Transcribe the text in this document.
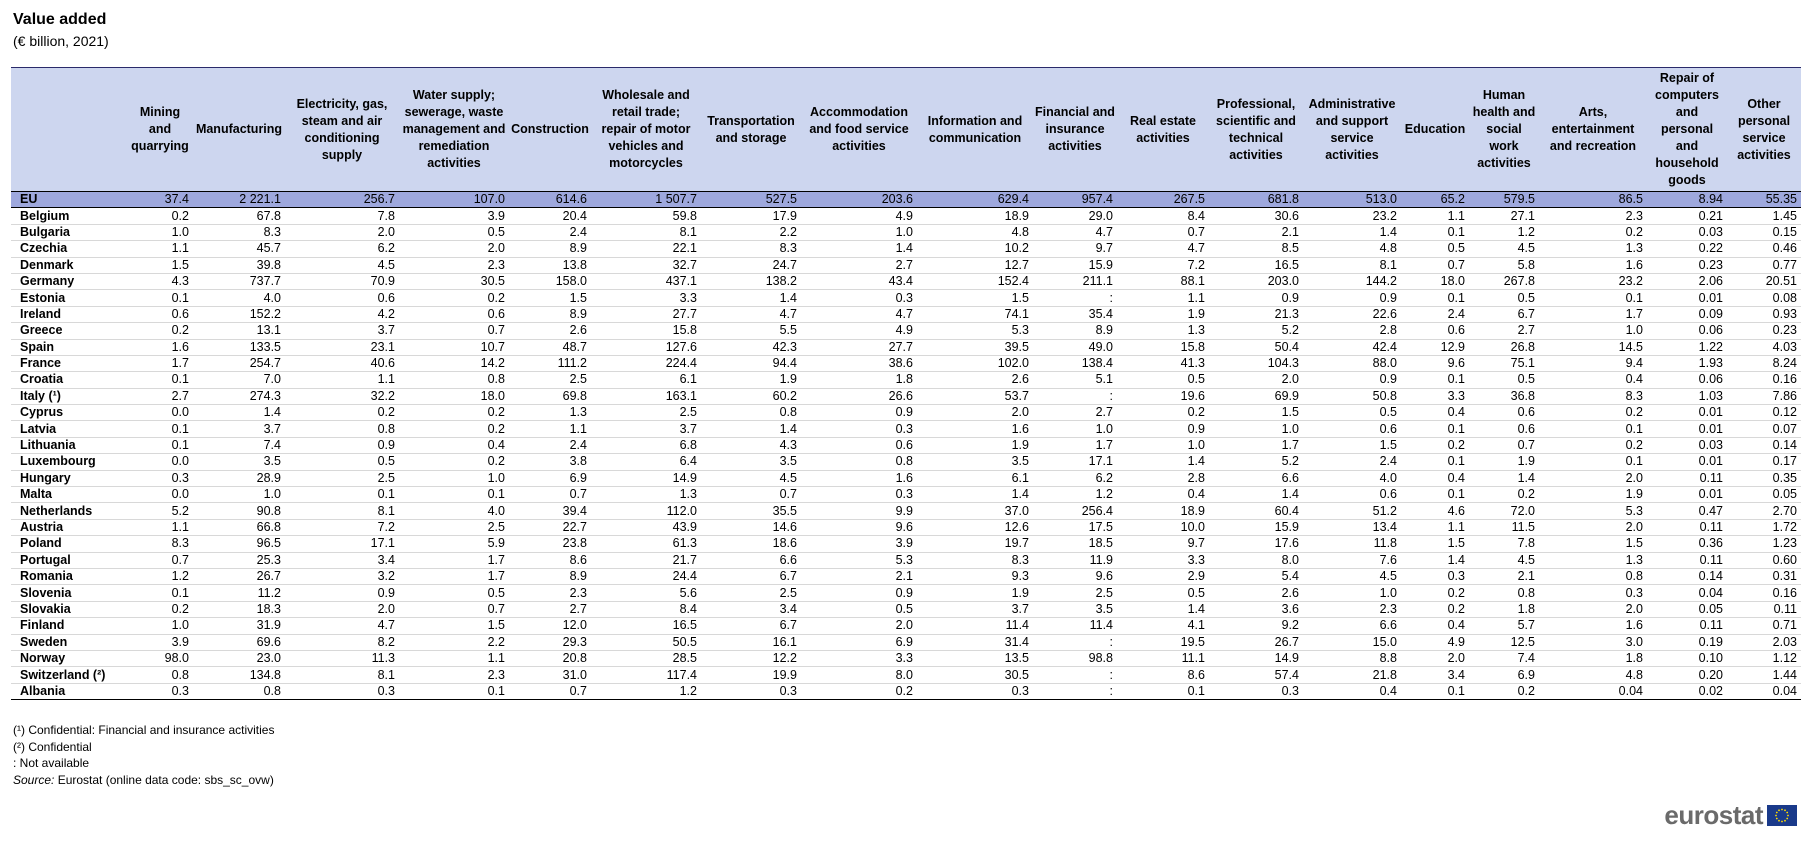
Value added
(€ billion, 2021)
	Mining and quarrying	Manufacturing	Electricity, gas, steam and air conditioning supply	Water supply; sewerage, waste management and remediation activities	Construction	Wholesale and retail trade; repair of motor vehicles and motorcycles	Transportation and storage	Accommodation and food service activities	Information and communication	Financial and insurance activities	Real estate activities	Professional, scientific and technical activities	Administrative and support service activities	Education	Human health and social work activities	Arts, entertainment and recreation	Repair of computers and personal and household goods	Other personal service activities
EU	37.4	2 221.1	256.7	107.0	614.6	1 507.7	527.5	203.6	629.4	957.4	267.5	681.8	513.0	65.2	579.5	86.5	8.94	55.35
Belgium	0.2	67.8	7.8	3.9	20.4	59.8	17.9	4.9	18.9	29.0	8.4	30.6	23.2	1.1	27.1	2.3	0.21	1.45
Bulgaria	1.0	8.3	2.0	0.5	2.4	8.1	2.2	1.0	4.8	4.7	0.7	2.1	1.4	0.1	1.2	0.2	0.03	0.15
Czechia	1.1	45.7	6.2	2.0	8.9	22.1	8.3	1.4	10.2	9.7	4.7	8.5	4.8	0.5	4.5	1.3	0.22	0.46
Denmark	1.5	39.8	4.5	2.3	13.8	32.7	24.7	2.7	12.7	15.9	7.2	16.5	8.1	0.7	5.8	1.6	0.23	0.77
Germany	4.3	737.7	70.9	30.5	158.0	437.1	138.2	43.4	152.4	211.1	88.1	203.0	144.2	18.0	267.8	23.2	2.06	20.51
Estonia	0.1	4.0	0.6	0.2	1.5	3.3	1.4	0.3	1.5	:	1.1	0.9	0.9	0.1	0.5	0.1	0.01	0.08
Ireland	0.6	152.2	4.2	0.6	8.9	27.7	4.7	4.7	74.1	35.4	1.9	21.3	22.6	2.4	6.7	1.7	0.09	0.93
Greece	0.2	13.1	3.7	0.7	2.6	15.8	5.5	4.9	5.3	8.9	1.3	5.2	2.8	0.6	2.7	1.0	0.06	0.23
Spain	1.6	133.5	23.1	10.7	48.7	127.6	42.3	27.7	39.5	49.0	15.8	50.4	42.4	12.9	26.8	14.5	1.22	4.03
France	1.7	254.7	40.6	14.2	111.2	224.4	94.4	38.6	102.0	138.4	41.3	104.3	88.0	9.6	75.1	9.4	1.93	8.24
Croatia	0.1	7.0	1.1	0.8	2.5	6.1	1.9	1.8	2.6	5.1	0.5	2.0	0.9	0.1	0.5	0.4	0.06	0.16
Italy (¹)	2.7	274.3	32.2	18.0	69.8	163.1	60.2	26.6	53.7	:	19.6	69.9	50.8	3.3	36.8	8.3	1.03	7.86
Cyprus	0.0	1.4	0.2	0.2	1.3	2.5	0.8	0.9	2.0	2.7	0.2	1.5	0.5	0.4	0.6	0.2	0.01	0.12
Latvia	0.1	3.7	0.8	0.2	1.1	3.7	1.4	0.3	1.6	1.0	0.9	1.0	0.6	0.1	0.6	0.1	0.01	0.07
Lithuania	0.1	7.4	0.9	0.4	2.4	6.8	4.3	0.6	1.9	1.7	1.0	1.7	1.5	0.2	0.7	0.2	0.03	0.14
Luxembourg	0.0	3.5	0.5	0.2	3.8	6.4	3.5	0.8	3.5	17.1	1.4	5.2	2.4	0.1	1.9	0.1	0.01	0.17
Hungary	0.3	28.9	2.5	1.0	6.9	14.9	4.5	1.6	6.1	6.2	2.8	6.6	4.0	0.4	1.4	2.0	0.11	0.35
Malta	0.0	1.0	0.1	0.1	0.7	1.3	0.7	0.3	1.4	1.2	0.4	1.4	0.6	0.1	0.2	1.9	0.01	0.05
Netherlands	5.2	90.8	8.1	4.0	39.4	112.0	35.5	9.9	37.0	256.4	18.9	60.4	51.2	4.6	72.0	5.3	0.47	2.70
Austria	1.1	66.8	7.2	2.5	22.7	43.9	14.6	9.6	12.6	17.5	10.0	15.9	13.4	1.1	11.5	2.0	0.11	1.72
Poland	8.3	96.5	17.1	5.9	23.8	61.3	18.6	3.9	19.7	18.5	9.7	17.6	11.8	1.5	7.8	1.5	0.36	1.23
Portugal	0.7	25.3	3.4	1.7	8.6	21.7	6.6	5.3	8.3	11.9	3.3	8.0	7.6	1.4	4.5	1.3	0.11	0.60
Romania	1.2	26.7	3.2	1.7	8.9	24.4	6.7	2.1	9.3	9.6	2.9	5.4	4.5	0.3	2.1	0.8	0.14	0.31
Slovenia	0.1	11.2	0.9	0.5	2.3	5.6	2.5	0.9	1.9	2.5	0.5	2.6	1.0	0.2	0.8	0.3	0.04	0.16
Slovakia	0.2	18.3	2.0	0.7	2.7	8.4	3.4	0.5	3.7	3.5	1.4	3.6	2.3	0.2	1.8	2.0	0.05	0.11
Finland	1.0	31.9	4.7	1.5	12.0	16.5	6.7	2.0	11.4	11.4	4.1	9.2	6.6	0.4	5.7	1.6	0.11	0.71
Sweden	3.9	69.6	8.2	2.2	29.3	50.5	16.1	6.9	31.4	:	19.5	26.7	15.0	4.9	12.5	3.0	0.19	2.03
Norway	98.0	23.0	11.3	1.1	20.8	28.5	12.2	3.3	13.5	98.8	11.1	14.9	8.8	2.0	7.4	1.8	0.10	1.12
Switzerland (²)	0.8	134.8	8.1	2.3	31.0	117.4	19.9	8.0	30.5	:	8.6	57.4	21.8	3.4	6.9	4.8	0.20	1.44
Albania	0.3	0.8	0.3	0.1	0.7	1.2	0.3	0.2	0.3	:	0.1	0.3	0.4	0.1	0.2	0.04	0.02	0.04
(¹) Confidential: Financial and insurance activities
(²) Confidential
: Not available
Source: Eurostat (online data code: sbs_sc_ovw)
eurostat
